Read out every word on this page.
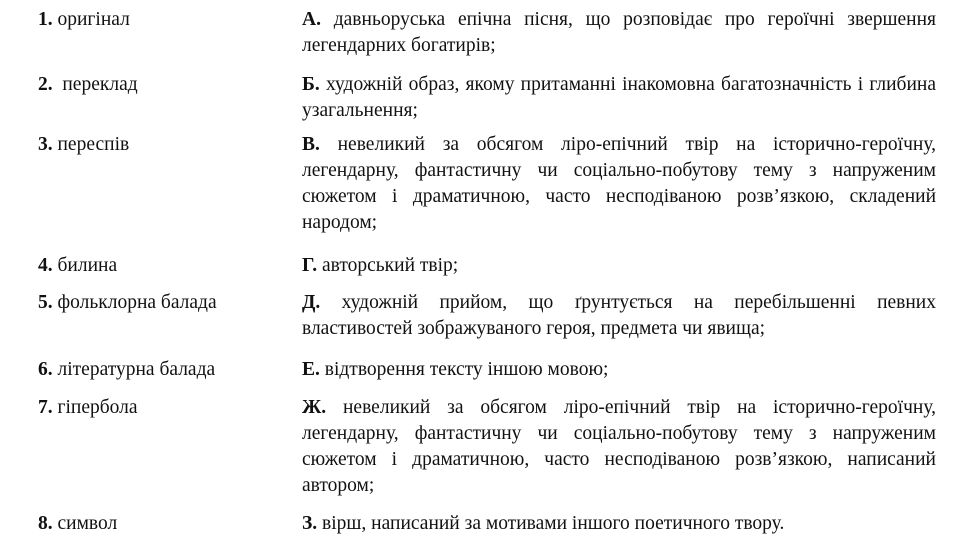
1. оригінал	А. давньоруська епічна пісня, що розповідає про героїчні звершення легендарних богатирів;
2.  переклад	Б. художній образ, якому притаманні інакомовна багатозначність і глибина узагальнення;
3. переспів	В. невеликий за обсягом ліро-епічний твір на історично-героїчну, легендарну, фантастичну чи соціально-побутову тему з напруженим сюжетом і драматичною, часто несподіваною розв’язкою, складений народом;
4. билина	Г. авторський твір;
5. фольклорна балада	Д. художній прийом, що ґрунтується на перебільшенні певних властивостей зображуваного героя, предмета чи явища;
6. літературна балада	Е. відтворення тексту іншою мовою;
7. гіпербола	Ж. невеликий за обсягом ліро-епічний твір на історично-героїчну, легендарну, фантастичну чи соціально-побутову тему з напруженим сюжетом і драматичною, часто несподіваною розв’язкою, написаний автором;
8. символ	З. вірш, написаний за мотивами іншого поетичного твору.
